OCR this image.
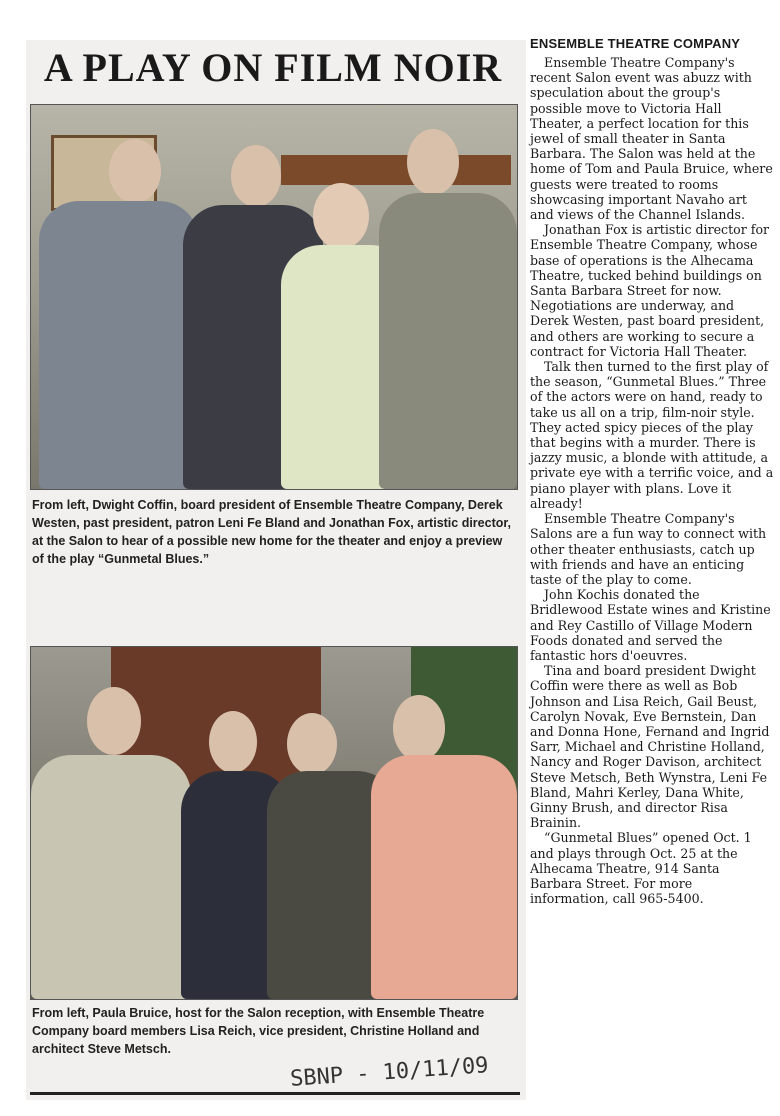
A PLAY ON FILM NOIR

From left, Dwight Coffin, board president of Ensemble Theatre Company, Derek Westen, past president, patron Leni Fe Bland and Jonathan Fox, artistic director, at the Salon to hear of a possible new home for the theater and enjoy a preview of the play “Gunmetal Blues.”

From left, Paula Bruice, host for the Salon reception, with Ensemble Theatre Company board members Lisa Reich, vice president, Christine Holland and architect Steve Metsch.

SBNP - 10/11/09
ENSEMBLE THEATRE COMPANY

Ensemble Theatre Company's recent Salon event was abuzz with speculation about the group's possible move to Victoria Hall Theater, a perfect location for this jewel of small theater in Santa Barbara. The Salon was held at the home of Tom and Paula Bruice, where guests were treated to rooms showcasing important Navaho art and views of the Channel Islands.

Jonathan Fox is artistic director for Ensemble Theatre Company, whose base of operations is the Alhecama Theatre, tucked behind buildings on Santa Barbara Street for now. Negotiations are underway, and Derek Westen, past board president, and others are working to secure a contract for Victoria Hall Theater.

Talk then turned to the first play of the season, “Gunmetal Blues.” Three of the actors were on hand, ready to take us all on a trip, film-noir style. They acted spicy pieces of the play that begins with a murder. There is jazzy music, a blonde with attitude, a private eye with a terrific voice, and a piano player with plans. Love it already!

Ensemble Theatre Company's Salons are a fun way to connect with other theater enthusiasts, catch up with friends and have an enticing taste of the play to come.

John Kochis donated the Bridlewood Estate wines and Kristine and Rey Castillo of Village Modern Foods donated and served the fantastic hors d'oeuvres.

Tina and board president Dwight Coffin were there as well as Bob Johnson and Lisa Reich, Gail Beust, Carolyn Novak, Eve Bernstein, Dan and Donna Hone, Fernand and Ingrid Sarr, Michael and Christine Holland, Nancy and Roger Davison, architect Steve Metsch, Beth Wynstra, Leni Fe Bland, Mahri Kerley, Dana White, Ginny Brush, and director Risa Brainin.

“Gunmetal Blues” opened Oct. 1 and plays through Oct. 25 at the Alhecama Theatre, 914 Santa Barbara Street. For more information, call 965-5400.
